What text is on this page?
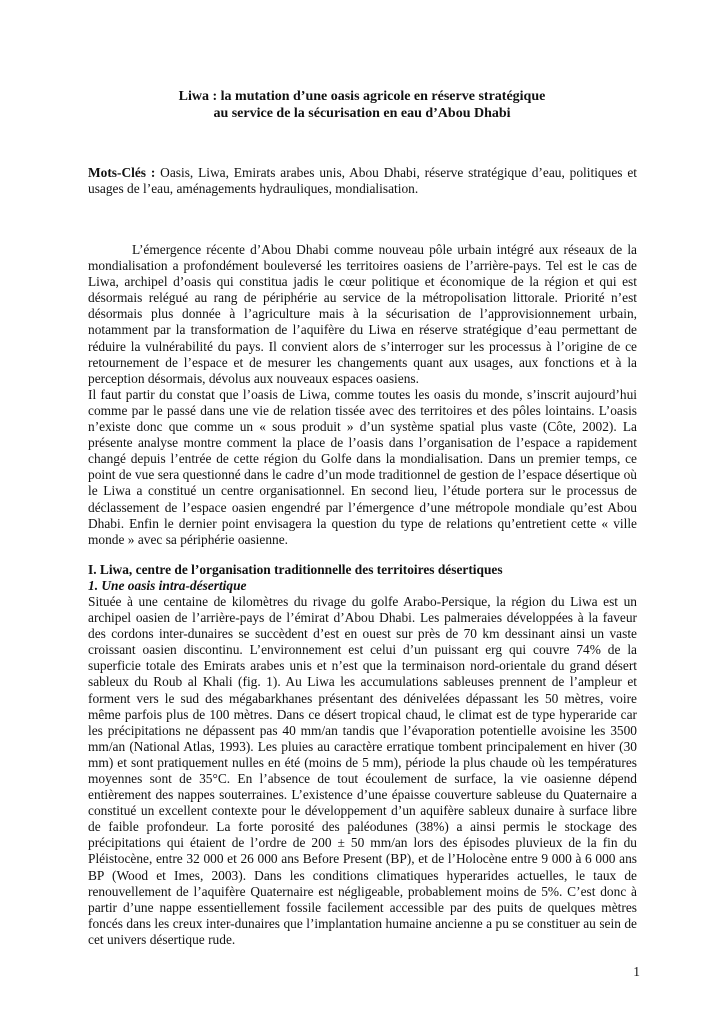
Liwa : la mutation d’une oasis agricole en réserve stratégique
au service de la sécurisation en eau d’Abou Dhabi
Mots-Clés : Oasis, Liwa, Emirats arabes unis, Abou Dhabi, réserve stratégique d’eau, politiques et usages de l’eau, aménagements hydrauliques, mondialisation.

L’émergence récente d’Abou Dhabi comme nouveau pôle urbain intégré aux réseaux de la mondialisation a profondément bouleversé les territoires oasiens de l’arrière-pays. Tel est le cas de Liwa, archipel d’oasis qui constitua jadis le cœur politique et économique de la région et qui est désormais relégué au rang de périphérie au service de la métropolisation littorale. Priorité n’est désormais plus donnée à l’agriculture mais à la sécurisation de l’approvisionnement urbain, notamment par la transformation de l’aquifère du Liwa en réserve stratégique d’eau permettant de réduire la vulnérabilité du pays. Il convient alors de s’interroger sur les processus à l’origine de ce retournement de l’espace et de mesurer les changements quant aux usages, aux fonctions et à la perception désormais, dévolus aux nouveaux espaces oasiens.

Il faut partir du constat que l’oasis de Liwa, comme toutes les oasis du monde, s’inscrit aujourd’hui comme par le passé dans une vie de relation tissée avec des territoires et des pôles lointains. L’oasis n’existe donc que comme un « sous produit » d’un système spatial plus vaste (Côte, 2002). La présente analyse montre comment la place de l’oasis dans l’organisation de l’espace a rapidement changé depuis l’entrée de cette région du Golfe dans la mondialisation. Dans un premier temps, ce point de vue sera questionné dans le cadre d’un mode traditionnel de gestion de l’espace désertique où le Liwa a constitué un centre organisationnel. En second lieu, l’étude portera sur le processus de déclassement de l’espace oasien engendré par l’émergence d’une métropole mondiale qu’est Abou Dhabi. Enfin le dernier point envisagera la question du type de relations qu’entretient cette « ville monde » avec sa périphérie oasienne.

I. Liwa, centre de l’organisation traditionnelle des territoires désertiques

1. Une oasis intra-désertique

Située à une centaine de kilomètres du rivage du golfe Arabo-Persique, la région du Liwa est un archipel oasien de l’arrière-pays de l’émirat d’Abou Dhabi. Les palmeraies développées à la faveur des cordons inter-dunaires se succèdent d’est en ouest sur près de 70 km dessinant ainsi un vaste croissant oasien discontinu. L’environnement est celui d’un puissant erg qui couvre 74% de la superficie totale des Emirats arabes unis et n’est que la terminaison nord-orientale du grand désert sableux du Roub al Khali (fig. 1). Au Liwa les accumulations sableuses prennent de l’ampleur et forment vers le sud des mégabarkhanes présentant des dénivelées dépassant les 50 mètres, voire même parfois plus de 100 mètres. Dans ce désert tropical chaud, le climat est de type hyperaride car les précipitations ne dépassent pas 40 mm/an tandis que l’évaporation potentielle avoisine les 3500 mm/an (National Atlas, 1993). Les pluies au caractère erratique tombent principalement en hiver (30 mm) et sont pratiquement nulles en été (moins de 5 mm), période la plus chaude où les températures moyennes sont de 35°C. En l’absence de tout écoulement de surface, la vie oasienne dépend entièrement des nappes souterraines. L’existence d’une épaisse couverture sableuse du Quaternaire a constitué un excellent contexte pour le développement d’un aquifère sableux dunaire à surface libre de faible profondeur. La forte porosité des paléodunes (38%) a ainsi permis le stockage des précipitations qui étaient de l’ordre de 200 ± 50 mm/an lors des épisodes pluvieux de la fin du Pléistocène, entre 32 000 et 26 000 ans Before Present (BP), et de l’Holocène entre 9 000 à 6 000 ans BP (Wood et Imes, 2003). Dans les conditions climatiques hyperarides actuelles, le taux de renouvellement de l’aquifère Quaternaire est négligeable, probablement moins de 5%. C’est donc à partir d’une nappe essentiellement fossile facilement accessible par des puits de quelques mètres foncés dans les creux inter-dunaires que l’implantation humaine ancienne a pu se constituer au sein de cet univers désertique rude.

1
